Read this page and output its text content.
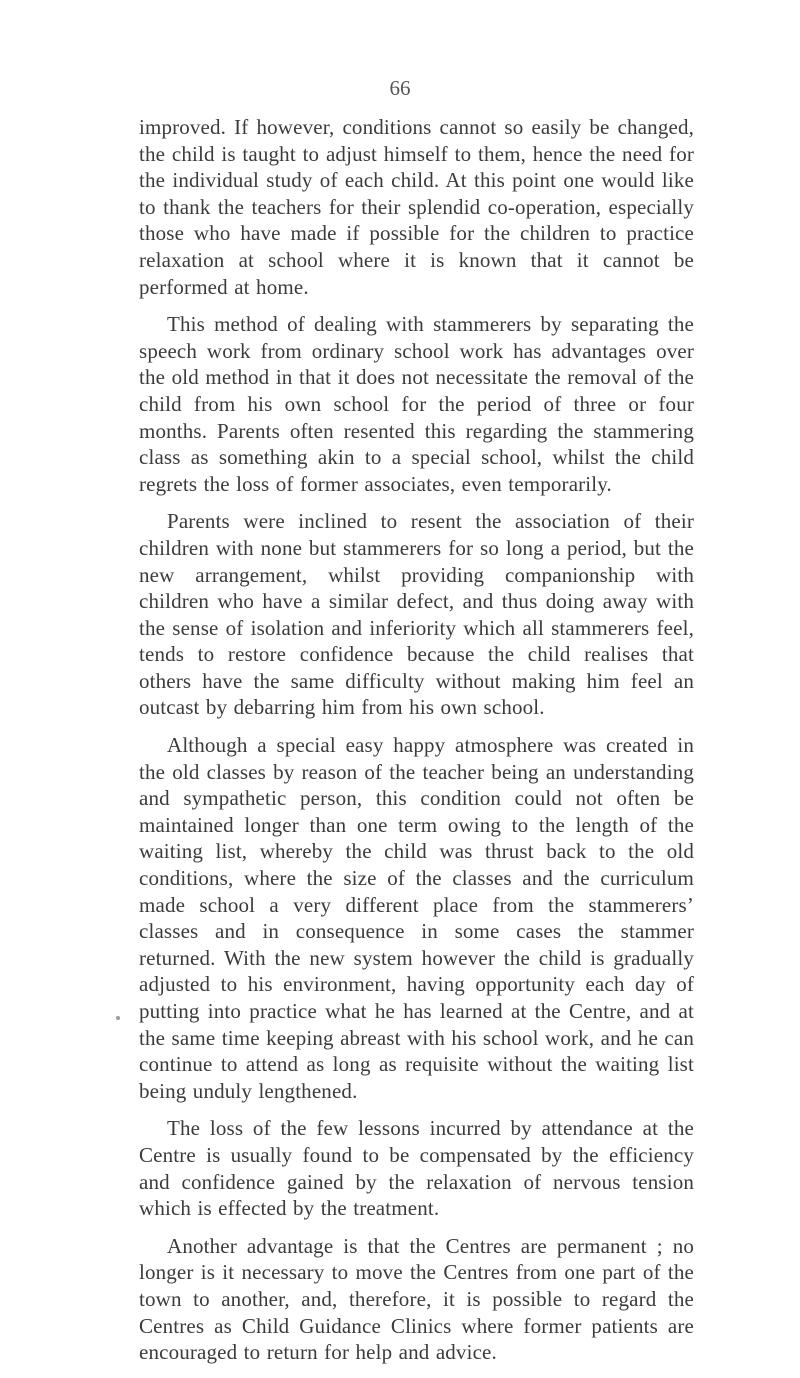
66

improved. If however, conditions cannot so easily be changed, the child is taught to adjust himself to them, hence the need for the individual study of each child. At this point one would like to thank the teachers for their splendid co-operation, especially those who have made if possible for the children to practice relaxation at school where it is known that it cannot be performed at home.

This method of dealing with stammerers by separating the speech work from ordinary school work has advantages over the old method in that it does not necessitate the removal of the child from his own school for the period of three or four months. Parents often resented this regarding the stammering class as something akin to a special school, whilst the child regrets the loss of former associates, even temporarily.

Parents were inclined to resent the association of their children with none but stammerers for so long a period, but the new arrangement, whilst providing companionship with children who have a similar defect, and thus doing away with the sense of isolation and inferiority which all stammerers feel, tends to restore confidence because the child realises that others have the same difficulty without making him feel an outcast by debarring him from his own school.

Although a special easy happy atmosphere was created in the old classes by reason of the teacher being an understanding and sympathetic person, this condition could not often be maintained longer than one term owing to the length of the waiting list, whereby the child was thrust back to the old conditions, where the size of the classes and the curriculum made school a very different place from the stammerers’ classes and in consequence in some cases the stammer returned. With the new system however the child is gradually adjusted to his environment, having opportunity each day of putting into practice what he has learned at the Centre, and at the same time keeping abreast with his school work, and he can continue to attend as long as requisite without the waiting list being unduly lengthened.

The loss of the few lessons incurred by attendance at the Centre is usually found to be compensated by the efficiency and confidence gained by the relaxation of nervous tension which is effected by the treatment.

Another advantage is that the Centres are permanent ; no longer is it necessary to move the Centres from one part of the town to another, and, therefore, it is possible to regard the Centres as Child Guidance Clinics where former patients are encouraged to return for help and advice.
